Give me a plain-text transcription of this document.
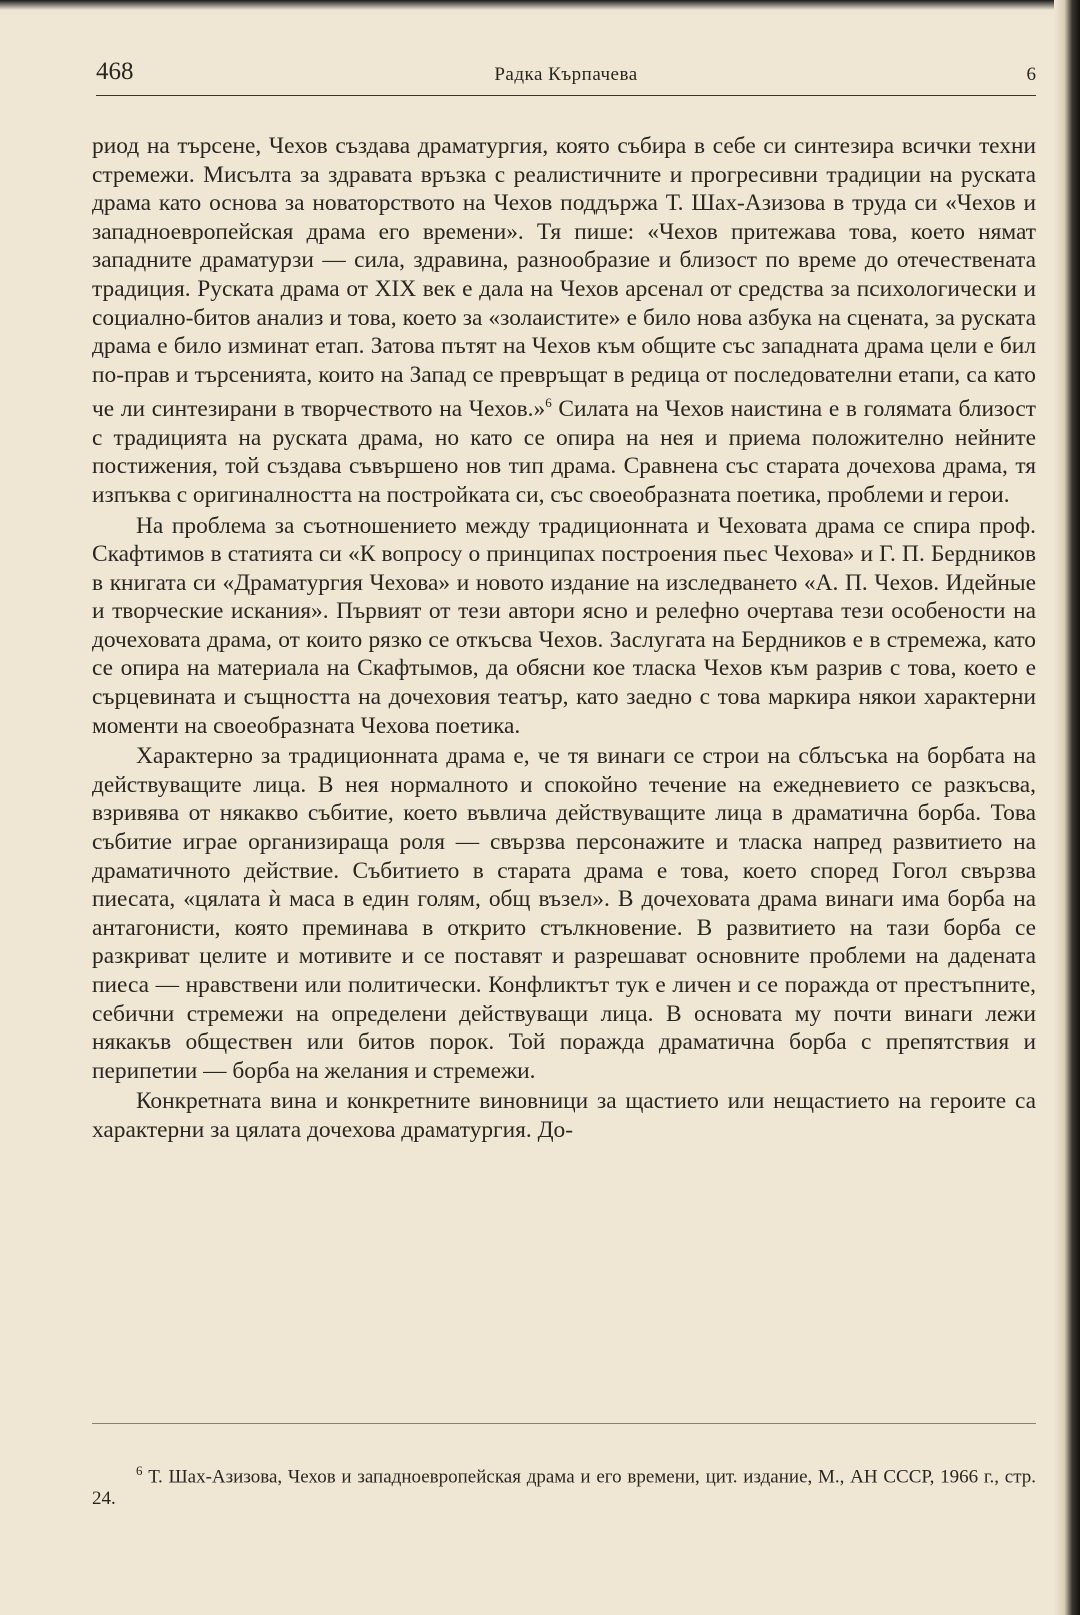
468	Радка Кърпачева	6

риод на търсене, Чехов създава драматургия, която събира в себе си синтезира всички техни стремежи. Мисълта за здравата връзка с реалистичните и прогресивни традиции на руската драма като основа за новаторството на Чехов поддържа Т. Шах-Азизова в труда си «Чехов и западноевропейская драма его времени». Тя пише: «Чехов притежава това, което нямат западните драматурзи — сила, здравина, разнообразие и близост по време до отечествената традиция. Руската драма от XIX век е дала на Чехов арсенал от средства за психологически и социално-битов анализ и това, което за «золаистите» е било нова азбука на сцената, за руската драма е било изминат етап. Затова пътят на Чехов към общите със западната драма цели е бил по-прав и търсенията, които на Запад се превръщат в редица от последователни етапи, са като че ли синтезирани в творчеството на Чехов.»$^6$ Силата на Чехов наистина е в голямата близост с традицията на руската драма, но като се опира на нея и приема положително нейните постижения, той създава съвършено нов тип драма. Сравнена със старата дочехова драма, тя изпъква с оригиналността на постройката си, със своеобразната поетика, проблеми и герои.

На проблема за съотношението между традиционната и Чеховата драма се спира проф. Скафтимов в статията си «К вопросу о принципах построения пьес Чехова» и Г. П. Бердников в книгата си «Драматургия Чехова» и новото издание на изследването «А. П. Чехов. Идейные и творческие искания». Първият от тези автори ясно и релефно очертава тези особености на дочеховата драма, от които рязко се откъсва Чехов. Заслугата на Бердников е в стремежа, като се опира на материала на Скафтымов, да обясни кое тласка Чехов към разрив с това, което е сърцевината и същността на дочеховия театър, като заедно с това маркира някои характерни моменти на своеобразната Чехова поетика.

Характерно за традиционната драма е, че тя винаги се строи на сблъсъка на борбата на действуващите лица. В нея нормалното и спокойно течение на ежедневието се разкъсва, взривява от някакво събитие, което въвлича действуващите лица в драматична борба. Това събитие играе организираща роля — свързва персонажите и тласка напред развитието на драматичното действие. Събитието в старата драма е това, което според Гогол свързва пиесата, «цялата ѝ маса в един голям, общ възел». В дочеховата драма винаги има борба на антагонисти, която преминава в открито стълкновение. В развитието на тази борба се разкриват целите и мотивите и се поставят и разрешават основните проблеми на дадената пиеса — нравствени или политически. Конфликтът тук е личен и се поражда от престъпните, себични стремежи на определени действуващи лица. В основата му почти винаги лежи някакъв обществен или битов порок. Той поражда драматична борба с препятствия и перипетии — борба на желания и стремежи.

Конкретната вина и конкретните виновници за щастието или нещастието на героите са характерни за цялата дочехова драматургия. До-

$^6$ Т. Шах-Азизова, Чехов и западноевропейская драма и его времени, цит. издание, М., АН СССР, 1966 г., стр. 24.
